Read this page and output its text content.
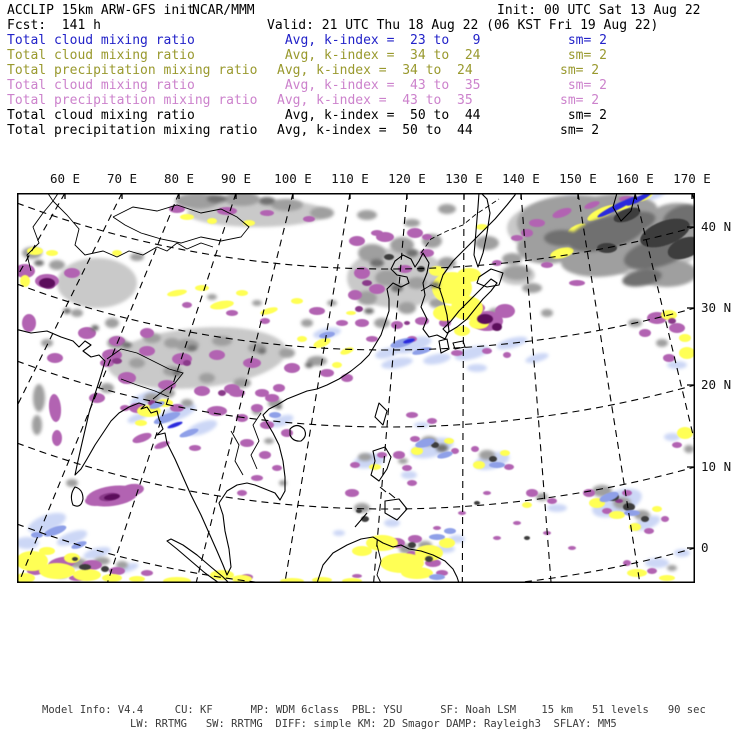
ACCLIP 15km ARW-GFS init
NCAR/MMM	Init: 00 UTC Sat 13 Aug 22
Fcst:  141 h	Valid: 21 UTC Thu 18 Aug 22 (06 KST Fri 19 Aug 22)
Total cloud mixing ratio	Avg, k-index =  23 to   9	sm= 2
Total cloud mixing ratio	Avg, k-index =  34 to  24	sm= 2
Total precipitation mixing ratio Avg, k-index =  34 to  24	sm= 2
Total cloud mixing ratio	Avg, k-index =  43 to  35	sm= 2
Total precipitation mixing ratio Avg, k-index =  43 to  35	sm= 2
Total cloud mixing ratio	Avg, k-index =  50 to  44	sm= 2
Total precipitation mixing ratio Avg, k-index =  50 to  44	sm= 2
60 E 70 E 80 E 90 E 100 E 110 E 120 E 130 E 140 E 150 E 160 E 170 E
40 N
30 N
20 N
10 N
0
Model Info: V4.4     CU: KF      MP: WDM 6class  PBL: YSU      SF: Noah LSM    15 km   51 levels   90 sec
LW: RRTMG   SW: RRTMG  DIFF: simple KM: 2D Smagor DAMP: Rayleigh3  SFLAY: MM5
